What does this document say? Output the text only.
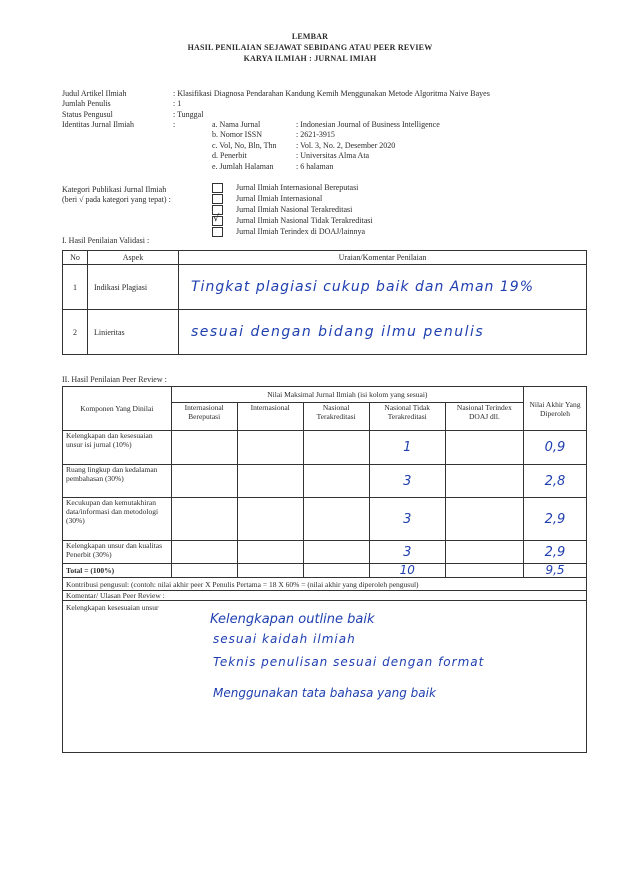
LEMBAR
HASIL PENILAIAN SEJAWAT SEBIDANG ATAU PEER REVIEW
KARYA ILMIAH : JURNAL IMIAH
Judul Artikel Ilmiah	: Klasifikasi Diagnosa Pendarahan Kandung Kemih Menggunakan Metode Algoritma Naive Bayes
Jumlah Penulis	: 1
Status Pengusul	: Tunggal
Identitas Jurnal Ilmiah	:	a. Nama Jurnal	: Indonesian Journal of Business Intelligence
b. Nomor ISSN	: 2621-3915
c. Vol, No, Bln, Thn : Vol. 3, No. 2, Desember 2020
d. Penerbit	: Universitas Alma Ata
e. Jumlah Halaman	: 6 halaman
Kategori Publikasi Jurnal Ilmiah
(beri √ pada kategori yang tepat) :
Jurnal Ilmiah Internasional Bereputasi
Jurnal Ilmiah Internasional
Jurnal Ilmiah Nasional Terakreditasi
√ Jurnal Ilmiah Nasional Tidak Terakreditasi
Jurnal Ilmiah Terindex di DOAJ/lainnya
I. Hasil Penilaian Validasi :
No	Aspek	Uraian/Komentar Penilaian
1	Indikasi Plagiasi	Tingkat plagiasi cukup baik dan Aman 19%
2	Linieritas	sesuai dengan bidang ilmu penulis
II. Hasil Penilaian Peer Review :
Komponen Yang Dinilai	Nilai Maksimal Jurnal Ilmiah (isi kolom yang sesuai)					Nilai Akhir Yang Diperoleh
	Internasional Bereputasi	Internasional	Nasional Terakreditasi	Nasional Tidak Terakreditasi	Nasional Terindex DOAJ dll.	
Kelengkapan dan kesesuaian unsur isi jurnal (10%)				1		0,9
Ruang lingkup dan kedalaman pembahasan (30%)				3		2,8
Kecukupan dan kemutakhiran data/informasi dan metodologi (30%)				3		2,9
Kelengkapan unsur dan kualitas Penerbit (30%)				3		2,9
Total = (100%)				10		9,5
Kontribusi pengusul: (contoh: nilai akhir peer X Penulis Pertama = 18 X 60% = (nilai akhir yang diperoleh pengusul)						
Komentar/ Ulasan Peer Review :						

Kelengkapan kesesuaian unsur
Kelengkapan outline baik
sesuai kaidah ilmiah
Teknis penulisan sesuai dengan format
Menggunakan tata bahasa yang baik						
